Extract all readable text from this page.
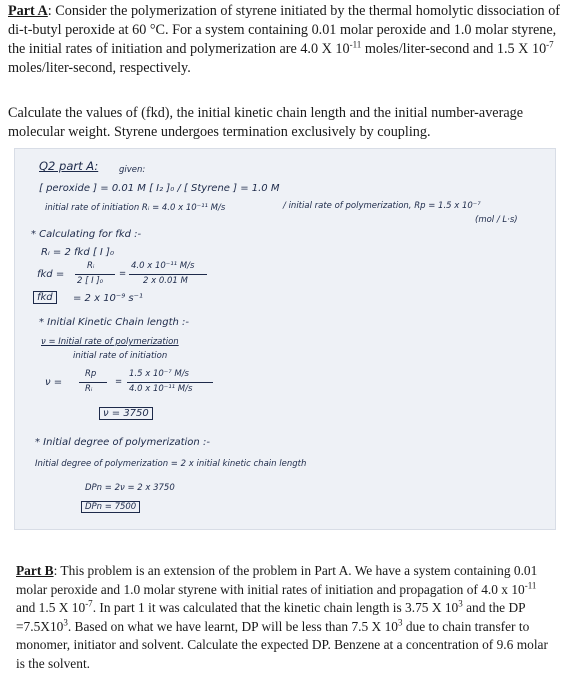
Part A: Consider the polymerization of styrene initiated by the thermal homolytic dissociation of di-t-butyl peroxide at 60 °C. For a system containing 0.01 molar peroxide and 1.0 molar styrene, the initial rates of initiation and polymerization are 4.0 X $10^{-11}$ moles/liter-second and 1.5 X $10^{-7}$ moles/liter-second, respectively.

Calculate the values of (fkd), the initial kinetic chain length and the initial number-average molecular weight. Styrene undergoes termination exclusively by coupling.

Q2 part A: given:
[ peroxide ] = 0.01 M [ I₂ ]₀ / [ Styrene ] = 1.0 M
initial rate of initiation Rᵢ = 4.0 x 10⁻¹¹ M/s	/ initial rate of polymerization, Rp = 1.5 x 10⁻⁷
(mol / L·s)
* Calculating for fkd :-
Rᵢ = 2 fkd [ I ]₀
fkd =
Rᵢ
2 [ I ]₀
=
4.0 x 10⁻¹¹ M/s
2 x 0.01 M
fkd	= 2 x 10⁻⁹ s⁻¹
* Initial Kinetic Chain length :-
ν = Initial rate of polymerization
initial rate of initiation
ν =
Rp
Rᵢ
=
1.5 x 10⁻⁷ M/s
4.0 x 10⁻¹¹ M/s
ν = 3750
* Initial degree of polymerization :-
Initial degree of polymerization = 2 x initial kinetic chain length
DPn = 2ν = 2 x 3750
DPn = 7500

Part B: This problem is an extension of the problem in Part A. We have a system containing 0.01 molar peroxide and 1.0 molar styrene with initial rates of initiation and propagation of 4.0 x $10^{-11}$ and 1.5 X $10^{-7}$. In part 1 it was calculated that the kinetic chain length is 3.75 X $10^3$ and the DP $=7.5X10^3$. Based on what we have learnt, DP will be less than 7.5 X $10^3$ due to chain transfer to monomer, initiator and solvent. Calculate the expected DP. Benzene at a concentration of 9.6 molar is the solvent.
